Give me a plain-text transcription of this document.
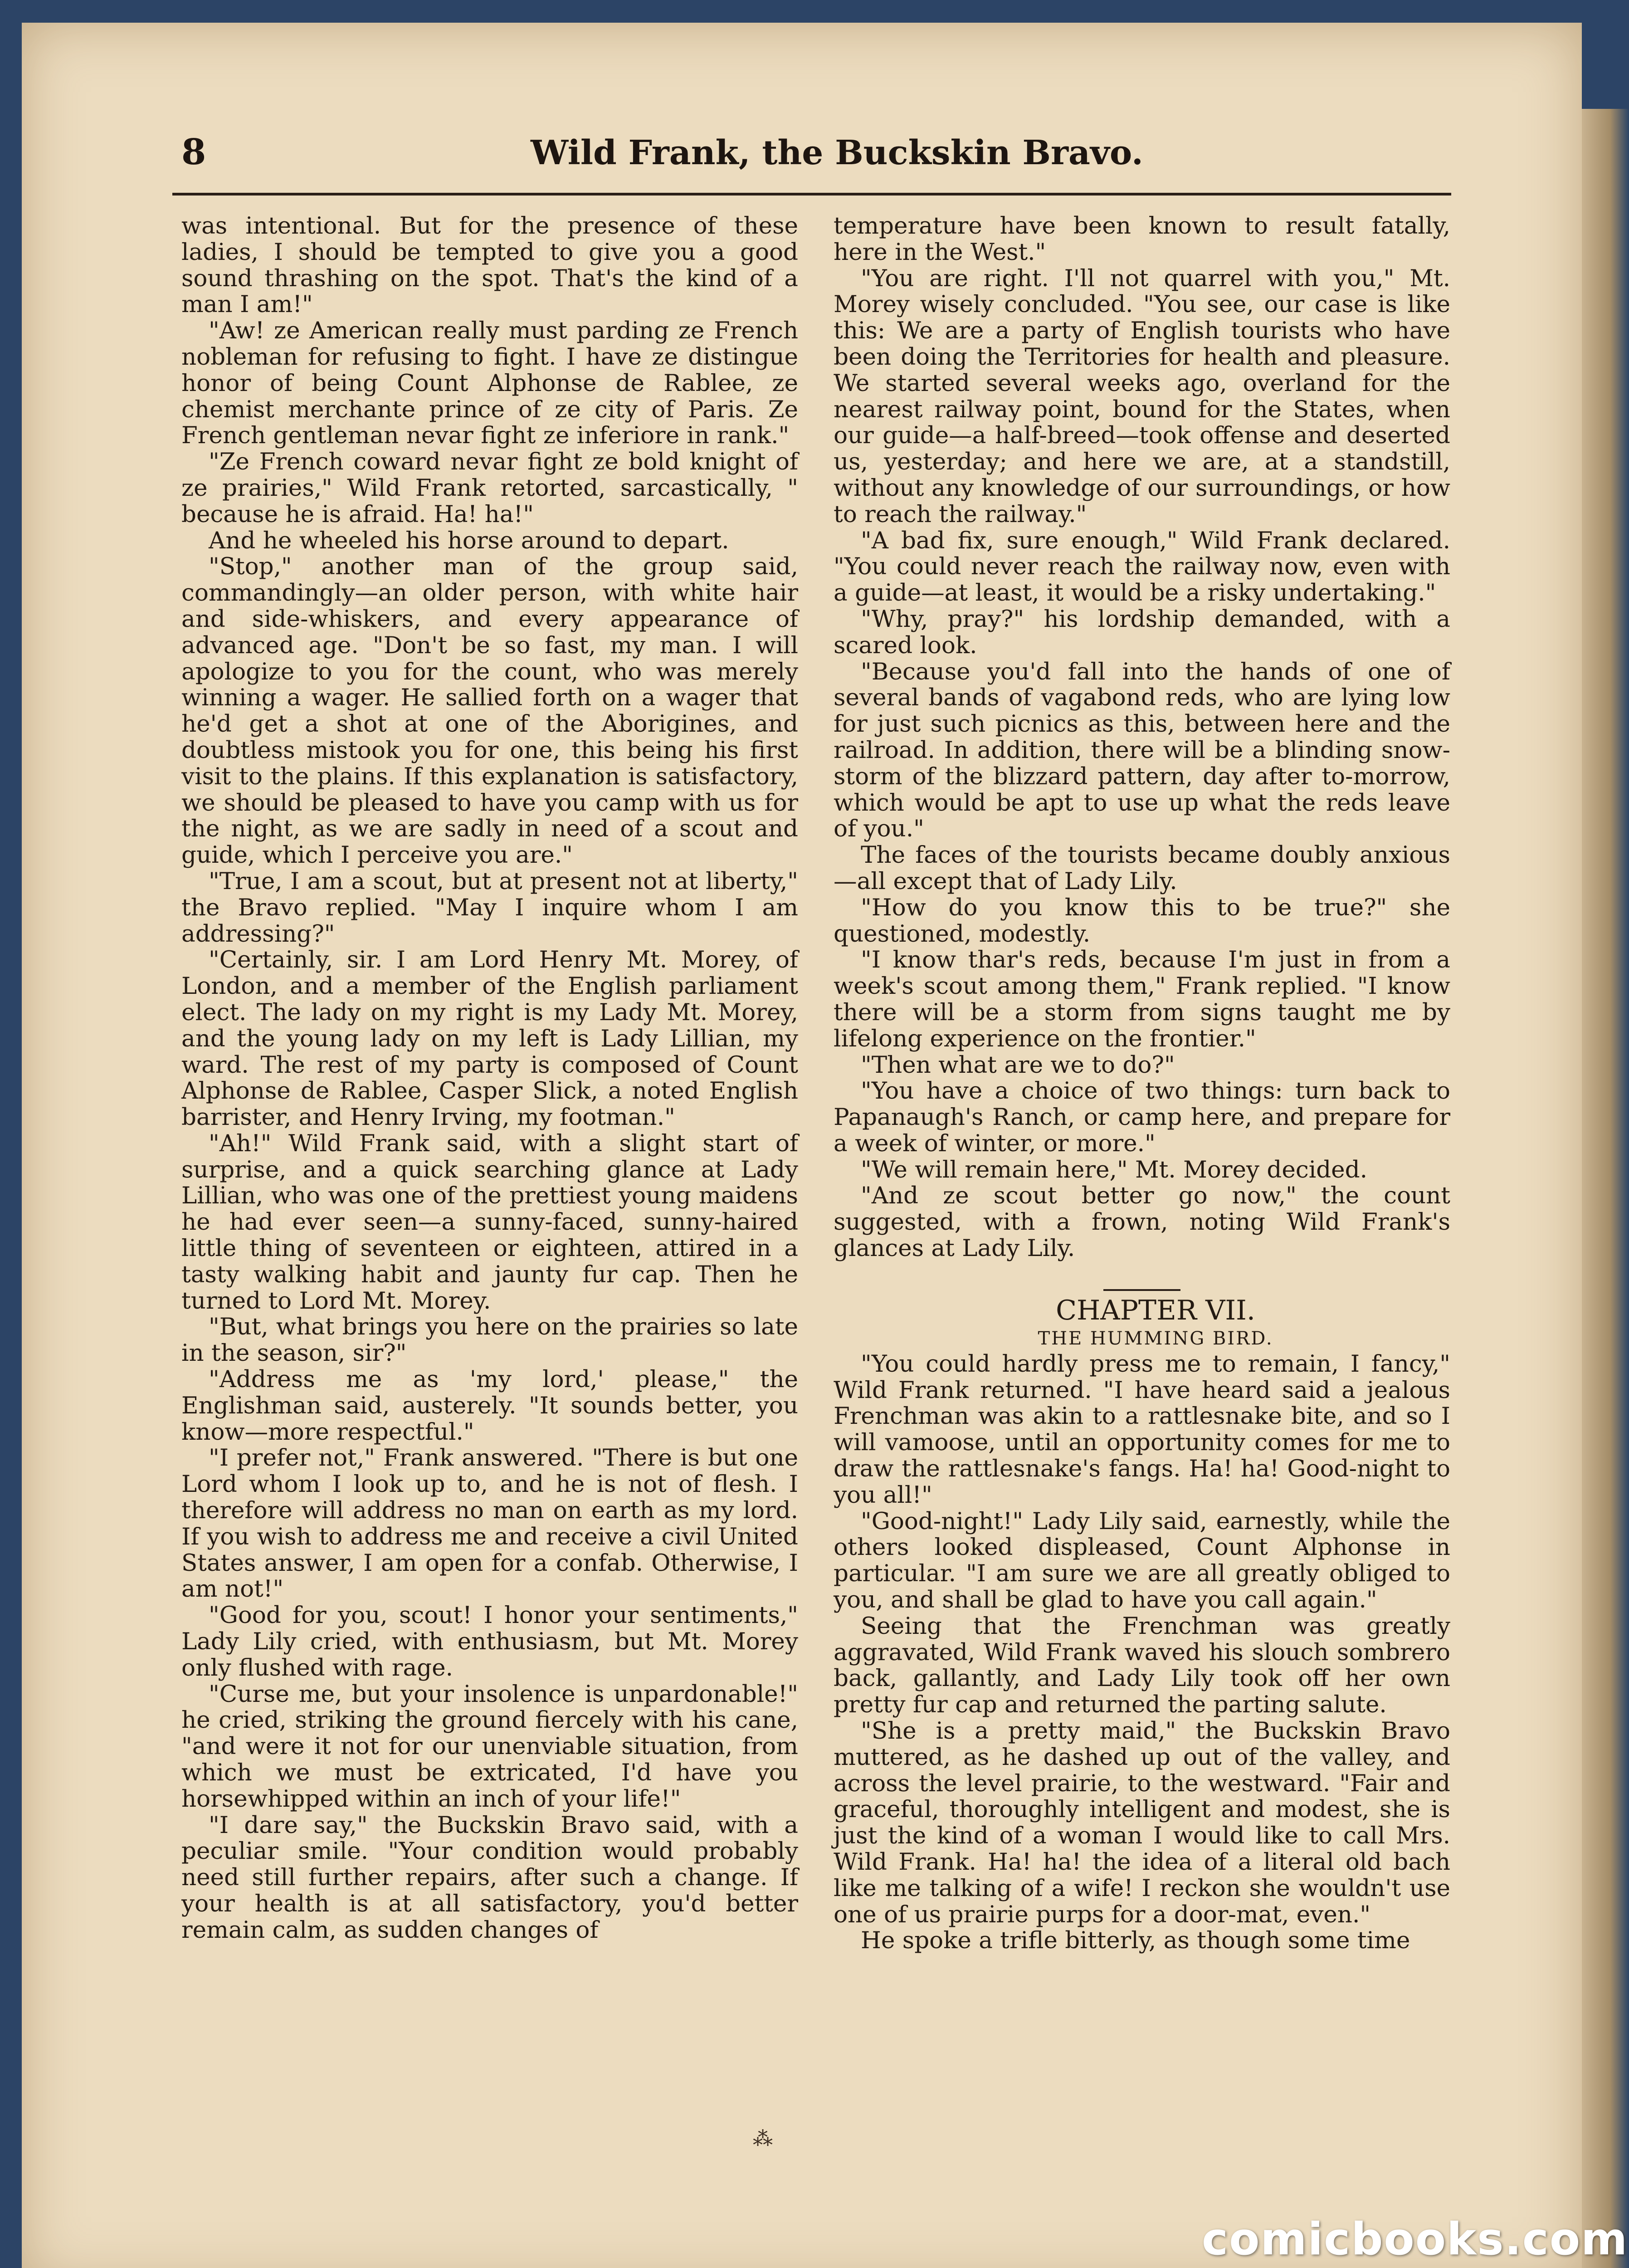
8	Wild Frank, the Buckskin Bravo.

was intentional. But for the presence of these ladies, I should be tempted to give you a good sound thrashing on the spot. That's the kind of a man I am!"

"Aw! ze American really must parding ze French nobleman for refusing to fight. I have ze distingue honor of being Count Alphonse de Rablee, ze chemist merchante prince of ze city of Paris. Ze French gentleman nevar fight ze inferiore in rank."

"Ze French coward nevar fight ze bold knight of ze prairies," Wild Frank retorted, sarcastically, " because he is afraid. Ha! ha!"

And he wheeled his horse around to depart.

"Stop," another man of the group said, commandingly—an older person, with white hair and side-whiskers, and every appearance of advanced age. "Don't be so fast, my man. I will apologize to you for the count, who was merely winning a wager. He sallied forth on a wager that he'd get a shot at one of the Aborigines, and doubtless mistook you for one, this being his first visit to the plains. If this explanation is satisfactory, we should be pleased to have you camp with us for the night, as we are sadly in need of a scout and guide, which I perceive you are."

"True, I am a scout, but at present not at liberty," the Bravo replied. "May I inquire whom I am addressing?"

"Certainly, sir. I am Lord Henry Mt. Morey, of London, and a member of the English parliament elect. The lady on my right is my Lady Mt. Morey, and the young lady on my left is Lady Lillian, my ward. The rest of my party is composed of Count Alphonse de Rablee, Casper Slick, a noted English barrister, and Henry Irving, my footman."

"Ah!" Wild Frank said, with a slight start of surprise, and a quick searching glance at Lady Lillian, who was one of the prettiest young maidens he had ever seen—a sunny-faced, sunny-haired little thing of seventeen or eighteen, attired in a tasty walking habit and jaunty fur cap. Then he turned to Lord Mt. Morey.

"But, what brings you here on the prairies so late in the season, sir?"

"Address me as 'my lord,' please," the Englishman said, austerely. "It sounds better, you know—more respectful."

"I prefer not," Frank answered. "There is but one Lord whom I look up to, and he is not of flesh. I therefore will address no man on earth as my lord. If you wish to address me and receive a civil United States answer, I am open for a confab. Otherwise, I am not!"

"Good for you, scout! I honor your sentiments," Lady Lily cried, with enthusiasm, but Mt. Morey only flushed with rage.

"Curse me, but your insolence is unpardonable!" he cried, striking the ground fiercely with his cane, "and were it not for our unenviable situation, from which we must be extricated, I'd have you horsewhipped within an inch of your life!"

"I dare say," the Buckskin Bravo said, with a peculiar smile. "Your condition would probably need still further repairs, after such a change. If your health is at all satisfactory, you'd better remain calm, as sudden changes of

temperature have been known to result fatally, here in the West."

"You are right. I'll not quarrel with you," Mt. Morey wisely concluded. "You see, our case is like this: We are a party of English tourists who have been doing the Territories for health and pleasure. We started several weeks ago, overland for the nearest railway point, bound for the States, when our guide—a half-breed—took offense and deserted us, yesterday; and here we are, at a standstill, without any knowledge of our surroundings, or how to reach the railway."

"A bad fix, sure enough," Wild Frank declared. "You could never reach the railway now, even with a guide—at least, it would be a risky undertaking."

"Why, pray?" his lordship demanded, with a scared look.

"Because you'd fall into the hands of one of several bands of vagabond reds, who are lying low for just such picnics as this, between here and the railroad. In addition, there will be a blinding snow-storm of the blizzard pattern, day after to-morrow, which would be apt to use up what the reds leave of you."

The faces of the tourists became doubly anxious—all except that of Lady Lily.

"How do you know this to be true?" she questioned, modestly.

"I know thar's reds, because I'm just in from a week's scout among them," Frank replied. "I know there will be a storm from signs taught me by lifelong experience on the frontier."

"Then what are we to do?"

"You have a choice of two things: turn back to Papanaugh's Ranch, or camp here, and prepare for a week of winter, or more."

"We will remain here," Mt. Morey decided.

"And ze scout better go now," the count suggested, with a frown, noting Wild Frank's glances at Lady Lily.

CHAPTER VII.

THE HUMMING BIRD.

"You could hardly press me to remain, I fancy," Wild Frank returned. "I have heard said a jealous Frenchman was akin to a rattlesnake bite, and so I will vamoose, until an opportunity comes for me to draw the rattlesnake's fangs. Ha! ha! Good-night to you all!"

"Good-night!" Lady Lily said, earnestly, while the others looked displeased, Count Alphonse in particular. "I am sure we are all greatly obliged to you, and shall be glad to have you call again."

Seeing that the Frenchman was greatly aggravated, Wild Frank waved his slouch sombrero back, gallantly, and Lady Lily took off her own pretty fur cap and returned the parting salute.

"She is a pretty maid," the Buckskin Bravo muttered, as he dashed up out of the valley, and across the level prairie, to the westward. "Fair and graceful, thoroughly intelligent and modest, she is just the kind of a woman I would like to call Mrs. Wild Frank. Ha! ha! the idea of a literal old bach like me talking of a wife! I reckon she wouldn't use one of us prairie purps for a door-mat, even."

He spoke a trifle bitterly, as though some time

⁂
comicbooks.com
